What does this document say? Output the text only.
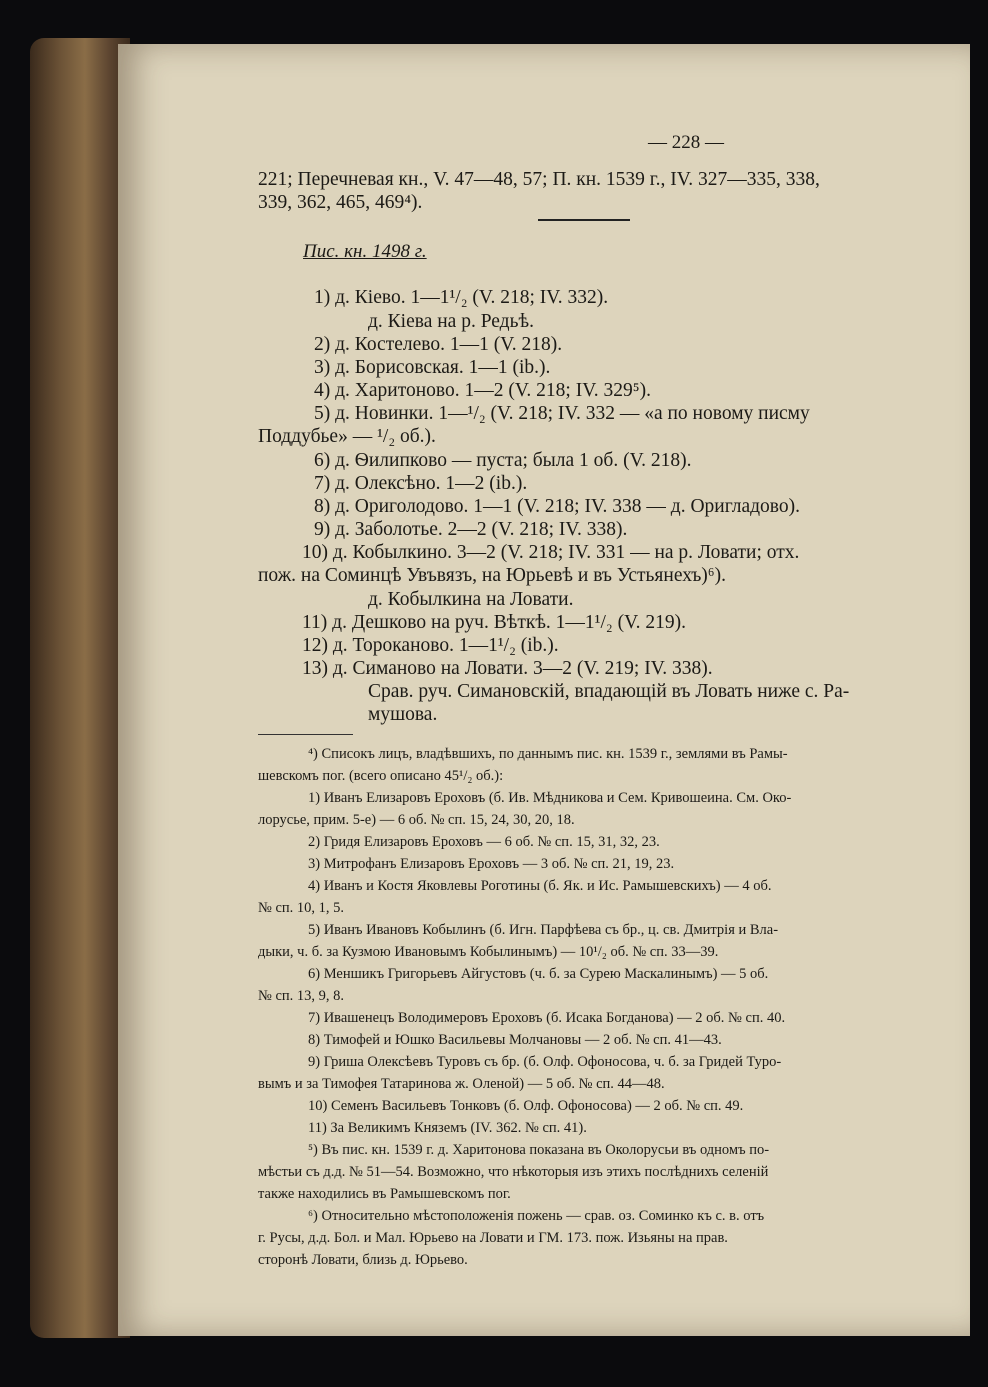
— 228 —
221; Перечневая кн., V. 47—48, 57; П. кн. 1539 г., IV. 327—335, 338,
339, 362, 465, 469⁴).
Пис. кн. 1498 г.
1) д. Кіево. 1—1¹/₂ (V. 218; IV. 332).
д. Кіева на р. Редьѣ.
2) д. Костелево. 1—1 (V. 218).
3) д. Борисовская. 1—1 (ib.).
4) д. Харитоново. 1—2 (V. 218; IV. 329⁵).
5) д. Новинки. 1—¹/₂ (V. 218; IV. 332 — «а по новому писму
Поддубье» — ¹/₂ об.).
6) д. Ѳилипково — пуста; была 1 об. (V. 218).
7) д. Олексѣно. 1—2 (ib.).
8) д. Ориголодово. 1—1 (V. 218; IV. 338 — д. Оригладово).
9) д. Заболотье. 2—2 (V. 218; IV. 338).
10) д. Кобылкино. 3—2 (V. 218; IV. 331 — на р. Ловати; отх.
пож. на Соминцѣ Увъвязъ, на Юрьевѣ и въ Устьянехъ)⁶).
д. Кобылкина на Ловати.
11) д. Дешково на руч. Вѣткѣ. 1—1¹/₂ (V. 219).
12) д. Тороканово. 1—1¹/₂ (ib.).
13) д. Симаново на Ловати. 3—2 (V. 219; IV. 338).
Срав. руч. Симановскій, впадающій въ Ловать ниже с. Ра-
мушова.
⁴) Списокъ лицъ, владѣвшихъ, по даннымъ пис. кн. 1539 г., землями въ Рамы-
шевскомъ пог. (всего описано 45¹/₂ об.):
1) Иванъ Елизаровъ Ероховъ (б. Ив. Мѣдникова и Сем. Кривошеина. См. Око-
лорусье, прим. 5-е) — 6 об. № сп. 15, 24, 30, 20, 18.
2) Гридя Елизаровъ Ероховъ — 6 об. № сп. 15, 31, 32, 23.
3) Митрофанъ Елизаровъ Ероховъ — 3 об. № сп. 21, 19, 23.
4) Иванъ и Костя Яковлевы Роготины (б. Як. и Ис. Рамышевскихъ) — 4 об.
№ сп. 10, 1, 5.
5) Иванъ Ивановъ Кобылинъ (б. Игн. Парфѣева съ бр., ц. св. Дмитрія и Вла-
дыки, ч. б. за Кузмою Ивановымъ Кобылинымъ) — 10¹/₂ об. № сп. 33—39.
6) Меншикъ Григорьевъ Айгустовъ (ч. б. за Сурею Маскалинымъ) — 5 об.
№ сп. 13, 9, 8.
7) Ивашенецъ Володимеровъ Ероховъ (б. Исака Богданова) — 2 об. № сп. 40.
8) Тимофей и Юшко Васильевы Молчановы — 2 об. № сп. 41—43.
9) Гриша Олексѣевъ Туровъ съ бр. (б. Олф. Офоносова, ч. б. за Гридей Туро-
вымъ и за Тимофея Татаринова ж. Оленой) — 5 об. № сп. 44—48.
10) Семенъ Васильевъ Тонковъ (б. Олф. Офоносова) — 2 об. № сп. 49.
11) За Великимъ Княземъ (IV. 362. № сп. 41).
⁵) Въ пис. кн. 1539 г. д. Харитонова показана въ Околорусьи въ одномъ по-
мѣстьи съ д.д. № 51—54. Возможно, что нѣкоторыя изъ этихъ послѣднихъ селеній
также находились въ Рамышевскомъ пог.
⁶) Относительно мѣстоположенія пожень — срав. оз. Соминко къ с. в. отъ
г. Русы, д.д. Бол. и Мал. Юрьево на Ловати и ГМ. 173. пож. Изьяны на прав.
сторонѣ Ловати, близь д. Юрьево.
